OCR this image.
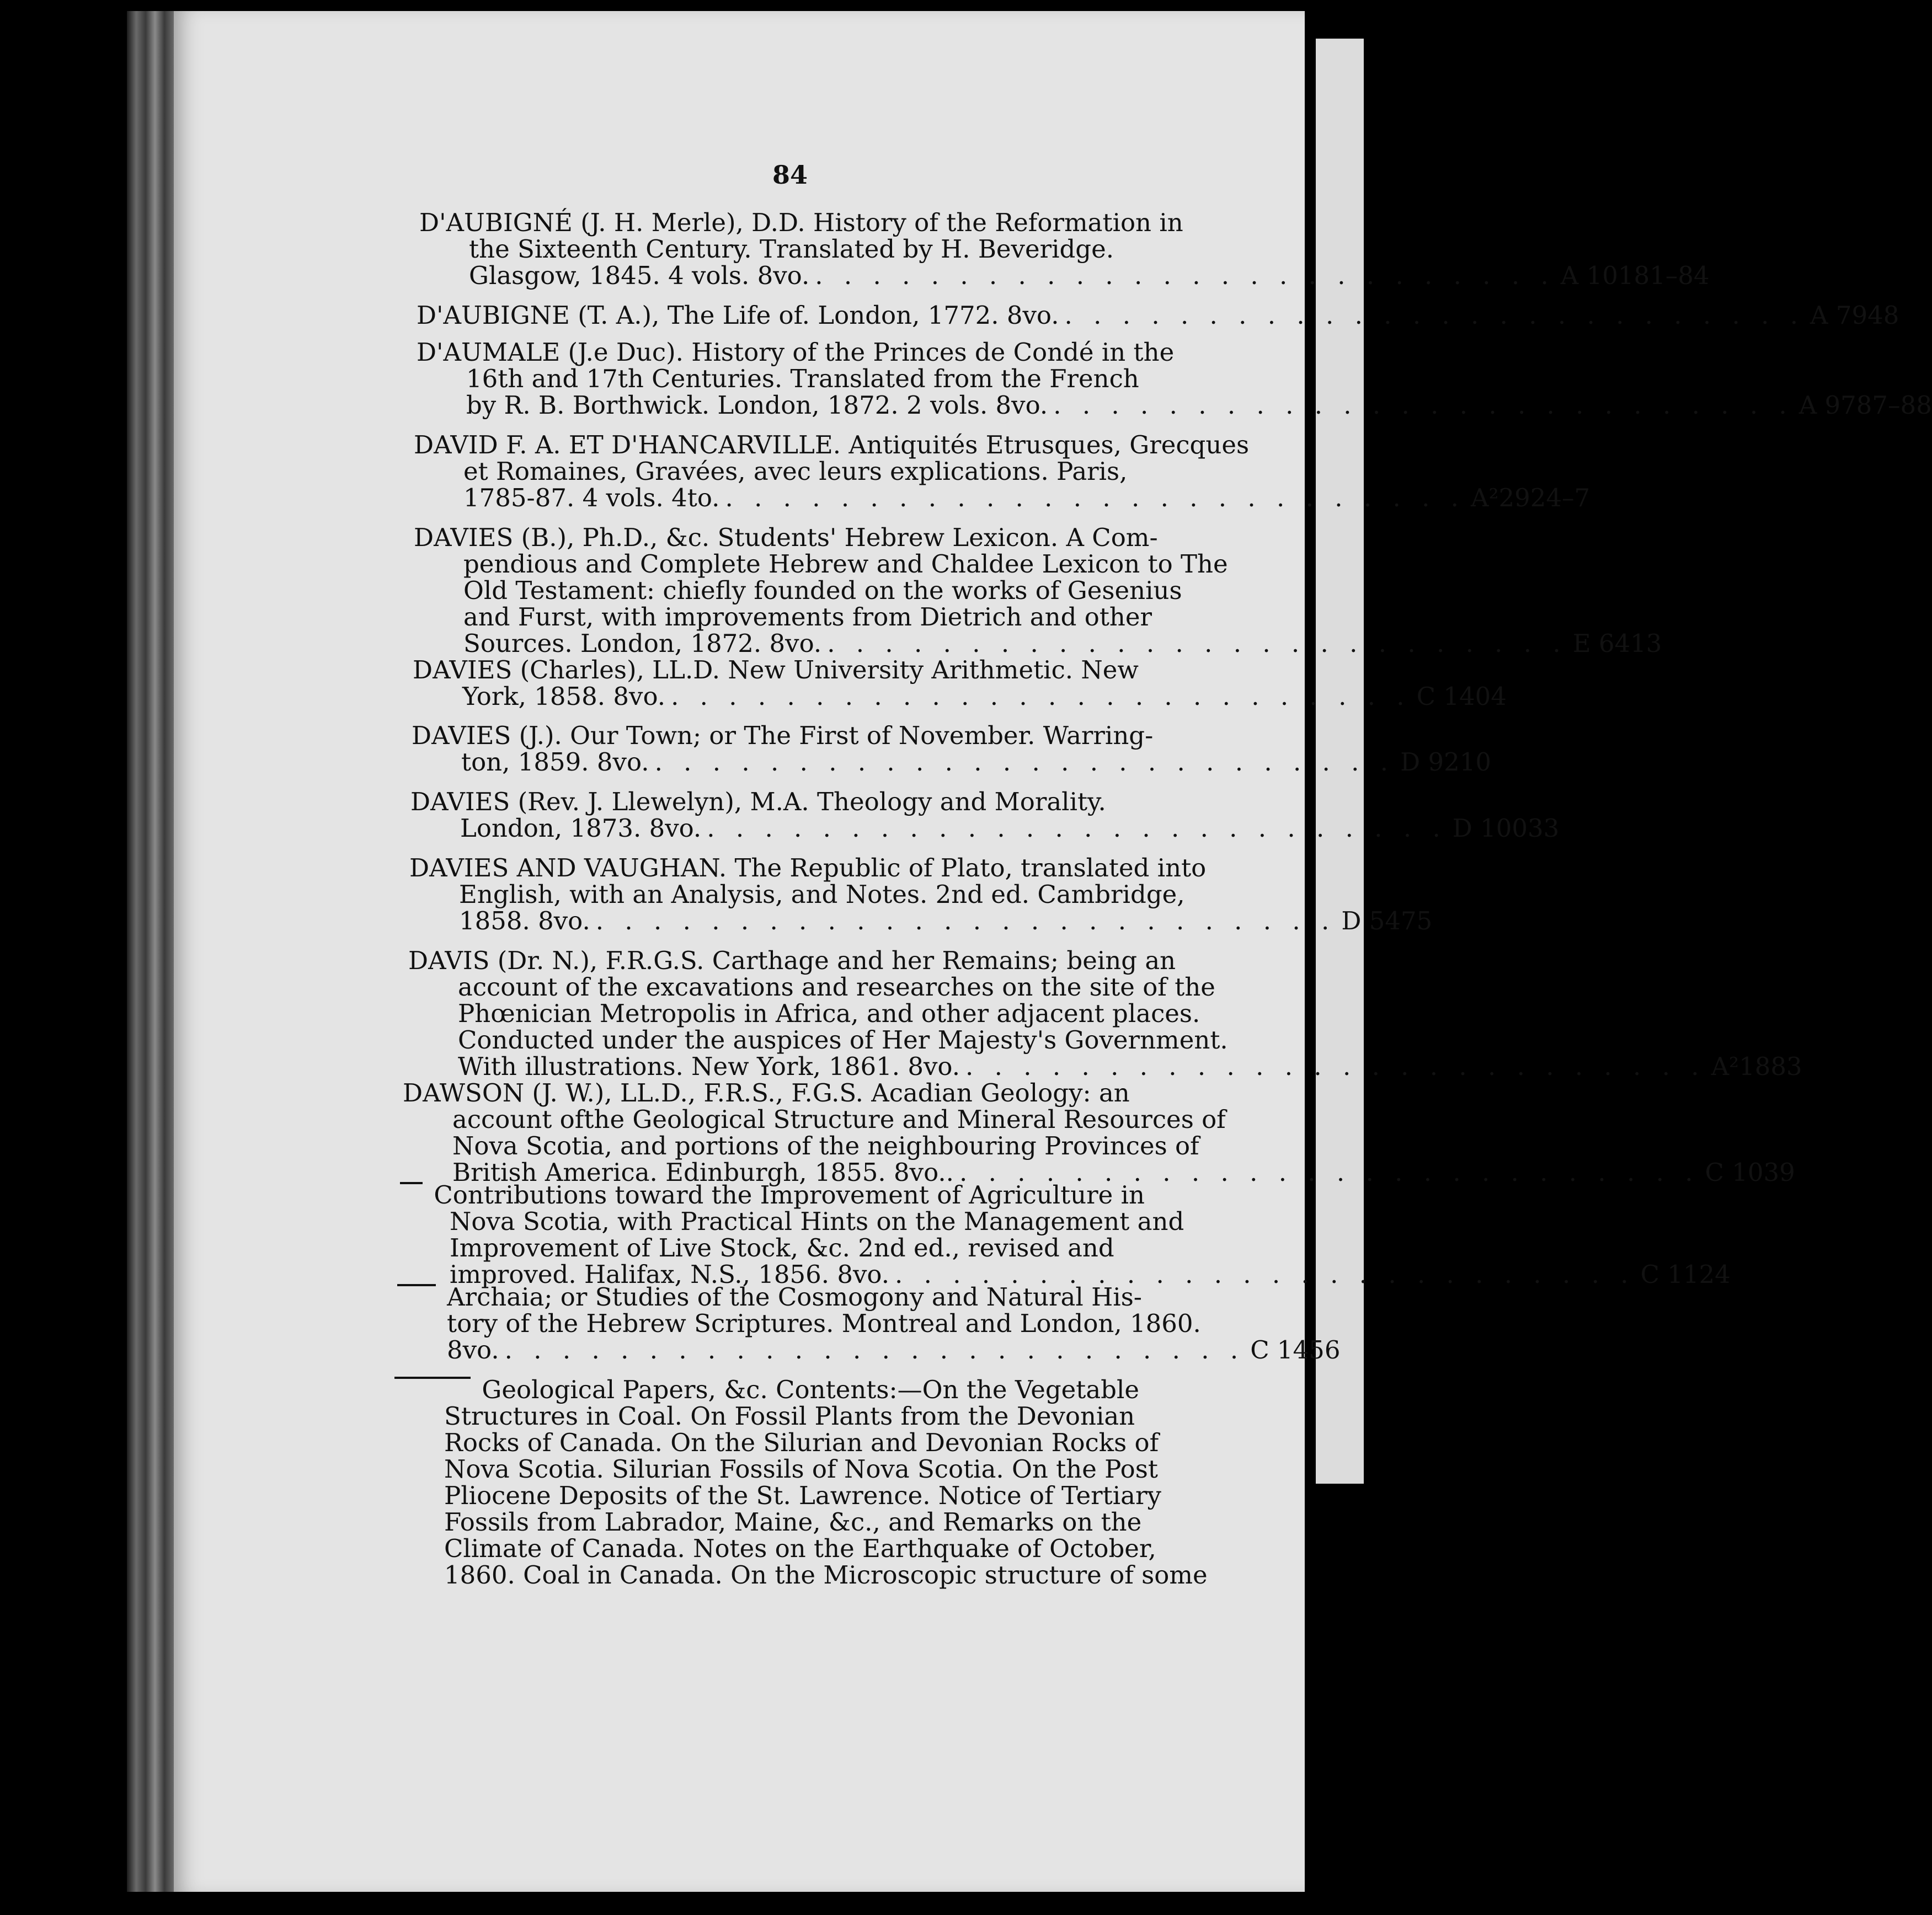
84
D'AUBIGNÉ (J. H. Merle), D.D. History of the Reformation in
the Sixteenth Century. Translated by H. Beveridge.
Glasgow, 1845. 4 vols. 8vo. . . . . . . . . . . . . . . . . . . . . . . . . . . A 10181–84
D'AUBIGNE (T. A.), The Life of. London, 1772. 8vo. . . . . . . . . . . . . . . . . . . . . . . . . . . A 7948
D'AUMALE (J.e Duc). History of the Princes de Condé in the
16th and 17th Centuries. Translated from the French
by R. B. Borthwick. London, 1872. 2 vols. 8vo. . . . . . . . . . . . . . . . . . . . . . . . . . . A 9787–88
DAVID F. A. ET D'HANCARVILLE. Antiquités Etrusques, Grecques
et Romaines, Gravées, avec leurs explications. Paris,
1785-87. 4 vols. 4to. . . . . . . . . . . . . . . . . . . . . . . . . . . A²2924–7
DAVIES (B.), Ph.D., &c. Students' Hebrew Lexicon. A Com-
pendious and Complete Hebrew and Chaldee Lexicon to The
Old Testament: chiefly founded on the works of Gesenius
and Furst, with improvements from Dietrich and other
Sources. London, 1872. 8vo. . . . . . . . . . . . . . . . . . . . . . . . . . . E 6413
DAVIES (Charles), LL.D. New University Arithmetic. New
York, 1858. 8vo. . . . . . . . . . . . . . . . . . . . . . . . . . . C 1404
DAVIES (J.). Our Town; or The First of November. Warring-
ton, 1859. 8vo. . . . . . . . . . . . . . . . . . . . . . . . . . . D 9210
DAVIES (Rev. J. Llewelyn), M.A. Theology and Morality.
London, 1873. 8vo. . . . . . . . . . . . . . . . . . . . . . . . . . . D 10033
DAVIES AND VAUGHAN. The Republic of Plato, translated into
English, with an Analysis, and Notes. 2nd ed. Cambridge,
1858. 8vo. . . . . . . . . . . . . . . . . . . . . . . . . . . D 5475
DAVIS (Dr. N.), F.R.G.S. Carthage and her Remains; being an
account of the excavations and researches on the site of the
Phœnician Metropolis in Africa, and other adjacent places.
Conducted under the auspices of Her Majesty's Government.
With illustrations. New York, 1861. 8vo. . . . . . . . . . . . . . . . . . . . . . . . . . . A²1883
DAWSON (J. W.), LL.D., F.R.S., F.G.S. Acadian Geology: an
account ofthe Geological Structure and Mineral Resources of
Nova Scotia, and portions of the neighbouring Provinces of
British America. Edinburgh, 1855. 8vo.. . . . . . . . . . . . . . . . . . . . . . . . . . . C 1039
Contributions toward the Improvement of Agriculture in
Nova Scotia, with Practical Hints on the Management and
Improvement of Live Stock, &c. 2nd ed., revised and
improved. Halifax, N.S., 1856. 8vo. . . . . . . . . . . . . . . . . . . . . . . . . . . C 1124
Archaia; or Studies of the Cosmogony and Natural His-
tory of the Hebrew Scriptures. Montreal and London, 1860.
8vo. . . . . . . . . . . . . . . . . . . . . . . . . . . C 1456
Geological Papers, &c. Contents:—On the Vegetable
Structures in Coal. On Fossil Plants from the Devonian
Rocks of Canada. On the Silurian and Devonian Rocks of
Nova Scotia. Silurian Fossils of Nova Scotia. On the Post
Pliocene Deposits of the St. Lawrence. Notice of Tertiary
Fossils from Labrador, Maine, &c., and Remarks on the
Climate of Canada. Notes on the Earthquake of October,
1860. Coal in Canada. On the Microscopic structure of some
